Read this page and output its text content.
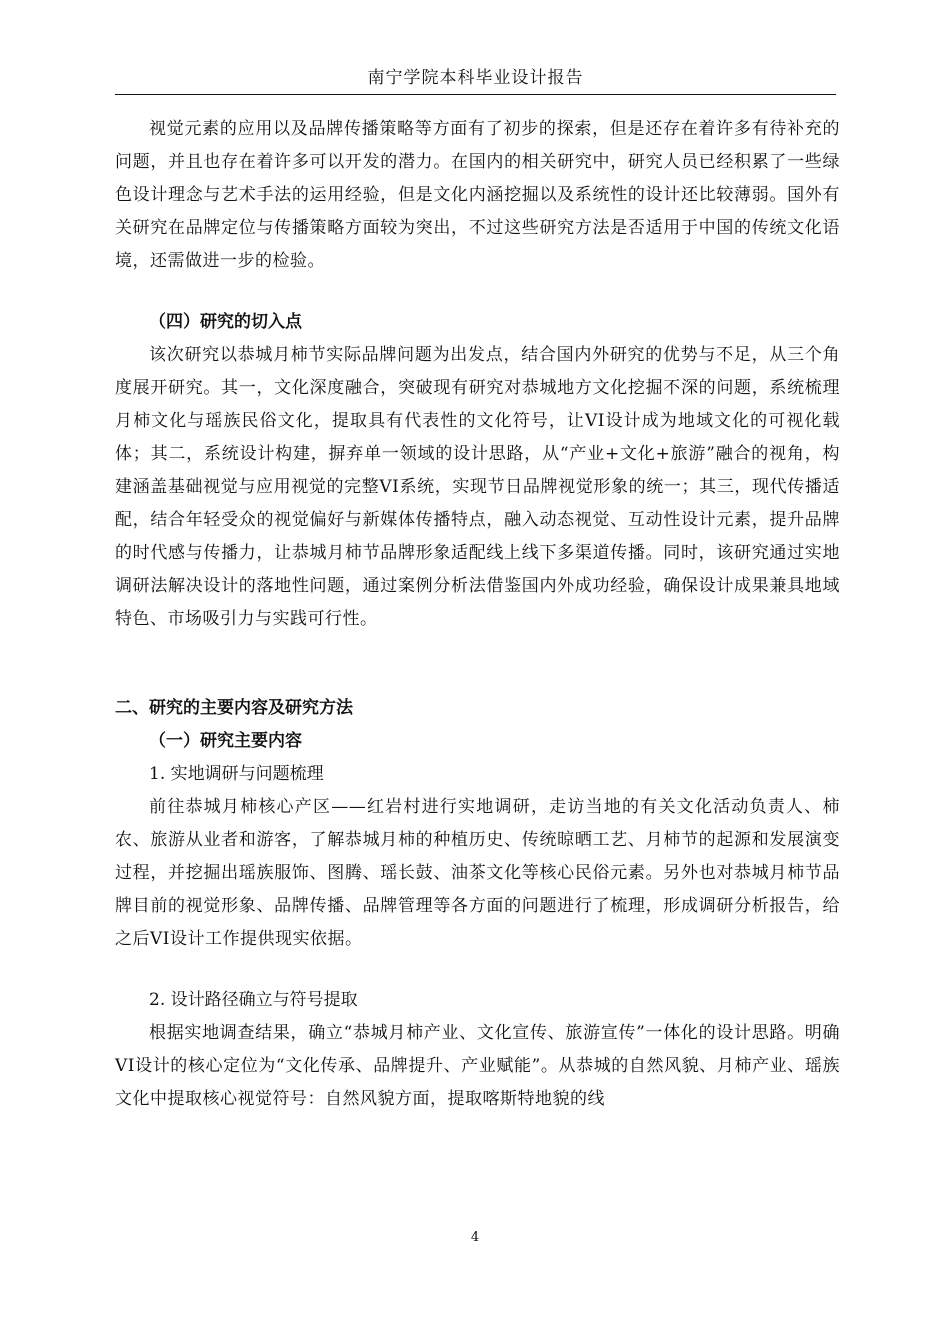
南宁学院本科毕业设计报告

视觉元素的应用以及品牌传播策略等方面有了初步的探索，但是还存在着许多有待补充的问题，并且也存在着许多可以开发的潜力。在国内的相关研究中，研究人员已经积累了一些绿色设计理念与艺术手法的运用经验，但是文化内涵挖掘以及系统性的设计还比较薄弱。国外有关研究在品牌定位与传播策略方面较为突出，不过这些研究方法是否适用于中国的传统文化语境，还需做进一步的检验。

（四）研究的切入点

该次研究以恭城月柿节实际品牌问题为出发点，结合国内外研究的优势与不足，从三个角度展开研究。其一，文化深度融合，突破现有研究对恭城地方文化挖掘不深的问题，系统梳理月柿文化与瑶族民俗文化，提取具有代表性的文化符号，让VI设计成为地域文化的可视化载体；其二，系统设计构建，摒弃单一领域的设计思路，从“产业+文化+旅游”融合的视角，构建涵盖基础视觉与应用视觉的完整VI系统，实现节日品牌视觉形象的统一；其三，现代传播适配，结合年轻受众的视觉偏好与新媒体传播特点，融入动态视觉、互动性设计元素，提升品牌的时代感与传播力，让恭城月柿节品牌形象适配线上线下多渠道传播。同时，该研究通过实地调研法解决设计的落地性问题，通过案例分析法借鉴国内外成功经验，确保设计成果兼具地域特色、市场吸引力与实践可行性。

二、研究的主要内容及研究方法

（一）研究主要内容

1. 实地调研与问题梳理

前往恭城月柿核心产区——红岩村进行实地调研，走访当地的有关文化活动负责人、柿农、旅游从业者和游客，了解恭城月柿的种植历史、传统晾晒工艺、月柿节的起源和发展演变过程，并挖掘出瑶族服饰、图腾、瑶长鼓、油茶文化等核心民俗元素。另外也对恭城月柿节品牌目前的视觉形象、品牌传播、品牌管理等各方面的问题进行了梳理，形成调研分析报告，给之后VI设计工作提供现实依据。

2. 设计路径确立与符号提取

根据实地调查结果，确立“恭城月柿产业、文化宣传、旅游宣传”一体化的设计思路。明确VI设计的核心定位为“文化传承、品牌提升、产业赋能”。从恭城的自然风貌、月柿产业、瑶族文化中提取核心视觉符号：自然风貌方面，提取喀斯特地貌的线

4
